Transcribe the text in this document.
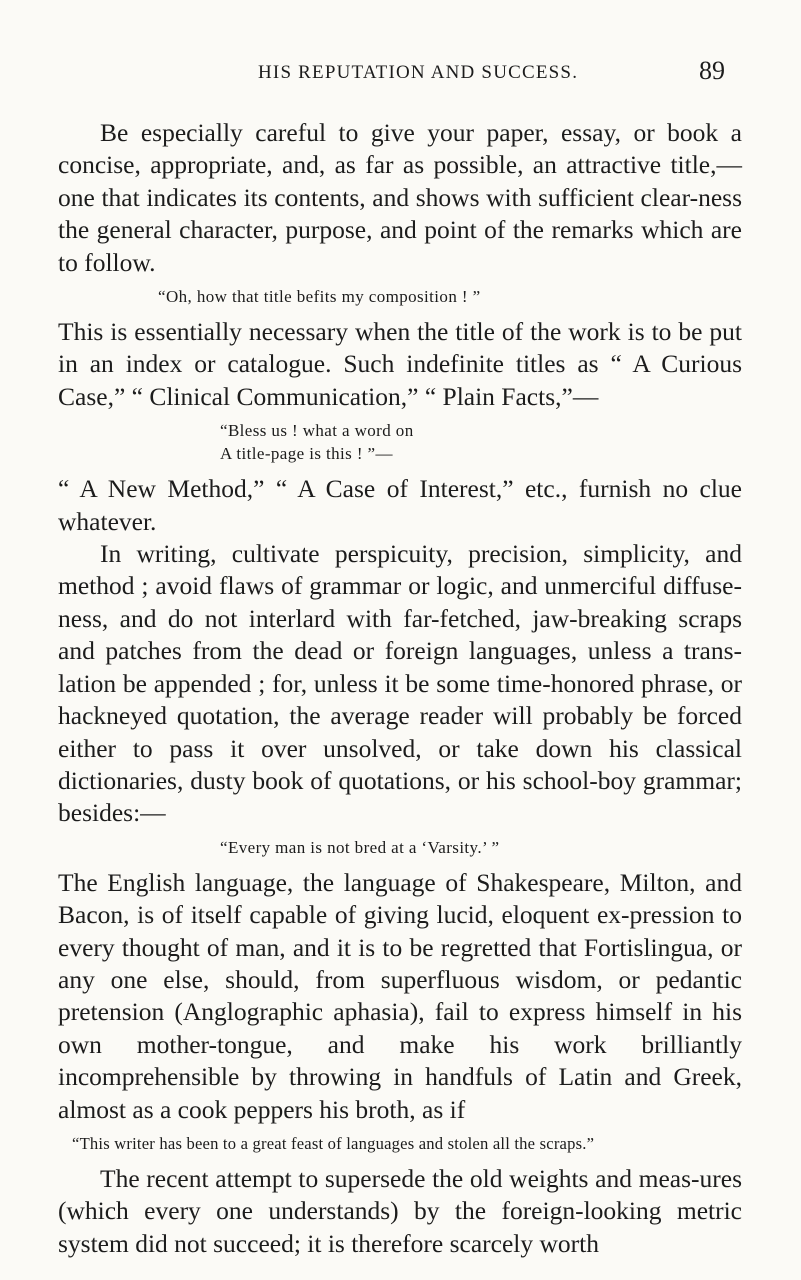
HIS REPUTATION AND SUCCESS.	89

Be especially careful to give your paper, essay, or book a concise, appropriate, and, as far as possible, an attractive title,— one that indicates its contents, and shows with sufficient clear-ness the general character, purpose, and point of the remarks which are to follow.

“Oh, how that title befits my composition ! ”

This is essentially necessary when the title of the work is to be put in an index or catalogue. Such indefinite titles as “ A Curious Case,” “ Clinical Communication,” “ Plain Facts,”—

“Bless us ! what a word on
A title-page is this ! ”—

“ A New Method,” “ A Case of Interest,” etc., furnish no clue whatever.

In writing, cultivate perspicuity, precision, simplicity, and method ; avoid flaws of grammar or logic, and unmerciful diffuse-ness, and do not interlard with far-fetched, jaw-breaking scraps and patches from the dead or foreign languages, unless a trans-lation be appended ; for, unless it be some time-honored phrase, or hackneyed quotation, the average reader will probably be forced either to pass it over unsolved, or take down his classical dictionaries, dusty book of quotations, or his school-boy grammar; besides:—

“Every man is not bred at a ‘Varsity.’ ”

The English language, the language of Shakespeare, Milton, and Bacon, is of itself capable of giving lucid, eloquent ex-pression to every thought of man, and it is to be regretted that Fortislingua, or any one else, should, from superfluous wisdom, or pedantic pretension (Anglographic aphasia), fail to express himself in his own mother-tongue, and make his work brilliantly incomprehensible by throwing in handfuls of Latin and Greek, almost as a cook peppers his broth, as if

“This writer has been to a great feast of languages and stolen all the scraps.”

The recent attempt to supersede the old weights and meas-ures (which every one understands) by the foreign-looking metric system did not succeed; it is therefore scarcely worth
